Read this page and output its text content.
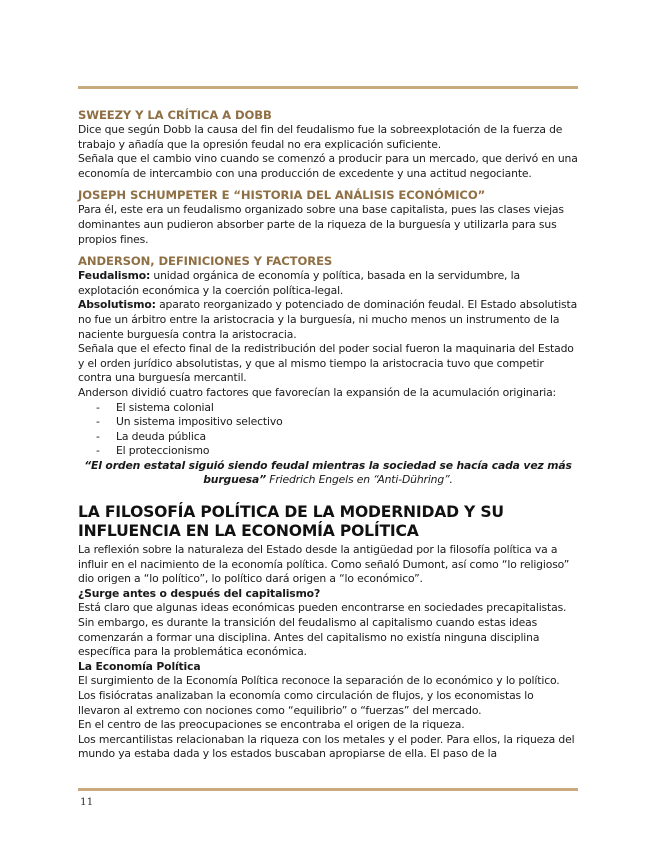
SWEEZY Y LA CRÍTICA A DOBB

Dice que según Dobb la causa del fin del feudalismo fue la sobreexplotación de la fuerza de trabajo y añadía que la opresión feudal no era explicación suficiente.

Señala que el cambio vino cuando se comenzó a producir para un mercado, que derivó en una economía de intercambio con una producción de excedente y una actitud negociante.

JOSEPH SCHUMPETER E “HISTORIA DEL ANÁLISIS ECONÓMICO”

Para él, este era un feudalismo organizado sobre una base capitalista, pues las clases viejas dominantes aun pudieron absorber parte de la riqueza de la burguesía y utilizarla para sus propios fines.

ANDERSON, DEFINICIONES Y FACTORES

Feudalismo: unidad orgánica de economía y política, basada en la servidumbre, la explotación económica y la coerción política-legal.

Absolutismo: aparato reorganizado y potenciado de dominación feudal. El Estado absolutista no fue un árbitro entre la aristocracia y la burguesía, ni mucho menos un instrumento de la naciente burguesía contra la aristocracia.

Señala que el efecto final de la redistribución del poder social fueron la maquinaria del Estado y el orden jurídico absolutistas, y que al mismo tiempo la aristocracia tuvo que competir contra una burguesía mercantil.

Anderson dividió cuatro factores que favorecían la expansión de la acumulación originaria:

- El sistema colonial
- Un sistema impositivo selectivo
- La deuda pública
- El proteccionismo

“El orden estatal siguió siendo feudal mientras la sociedad se hacía cada vez más burguesa” Friedrich Engels en “Anti-Dühring”.

LA FILOSOFÍA POLÍTICA DE LA MODERNIDAD Y SU INFLUENCIA EN LA ECONOMÍA POLÍTICA

La reflexión sobre la naturaleza del Estado desde la antigüedad por la filosofía política va a influir en el nacimiento de la economía política. Como señaló Dumont, así como “lo religioso” dio origen a “lo político”, lo político dará origen a “lo económico”.

¿Surge antes o después del capitalismo?

Está claro que algunas ideas económicas pueden encontrarse en sociedades precapitalistas. Sin embargo, es durante la transición del feudalismo al capitalismo cuando estas ideas comenzarán a formar una disciplina. Antes del capitalismo no existía ninguna disciplina específica para la problemática económica.

La Economía Política

El surgimiento de la Economía Política reconoce la separación de lo económico y lo político. Los fisiócratas analizaban la economía como circulación de flujos, y los economistas lo llevaron al extremo con nociones como “equilibrio” o “fuerzas” del mercado.

En el centro de las preocupaciones se encontraba el origen de la riqueza.

Los mercantilistas relacionaban la riqueza con los metales y el poder. Para ellos, la riqueza del mundo ya estaba dada y los estados buscaban apropiarse de ella. El paso de la

11
